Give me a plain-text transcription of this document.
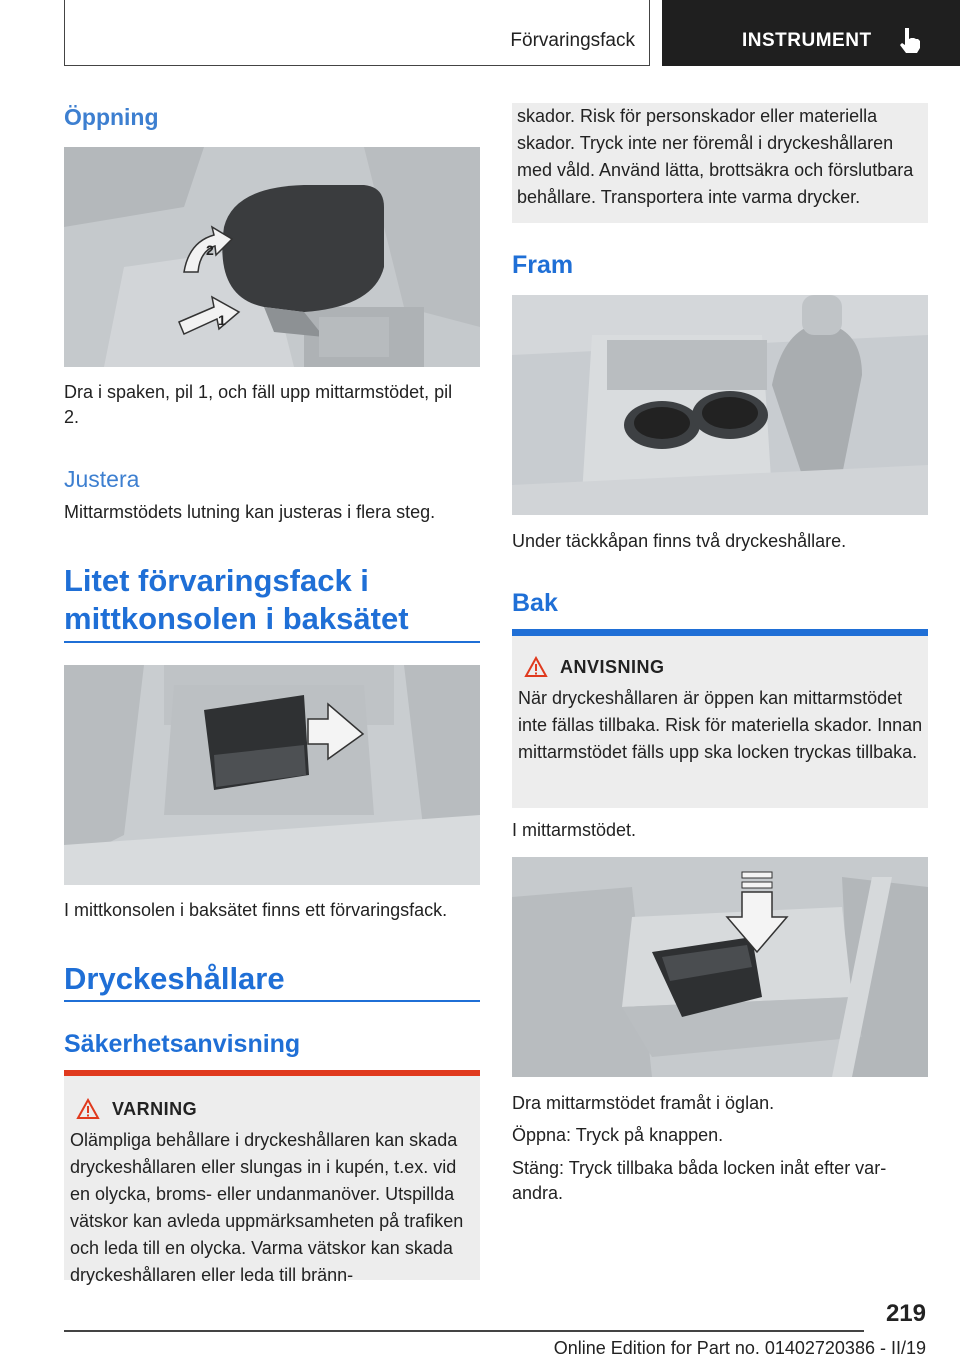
Förvaringsfack	INSTRUMENT
Öppning
1
2
Dra i spaken, pil 1, och fäll upp mittarmstödet, pil 2.
Justera
Mittarmstödets lutning kan justeras i flera steg.
Litet förvaringsfack i mittkonsolen i baksätet
I mittkonsolen i baksätet finns ett förvaringsfack.
Dryckeshållare
Säkerhetsanvisning
VARNING
Olämpliga behållare i dryckeshållaren kan skada dryckeshållaren eller slungas in i kupén, t.ex. vid en olycka, broms- eller undanmanöver. Utspillda vätskor kan avleda uppmärksamheten på trafiken och leda till en olycka. Varma vätskor kan skada dryckeshållaren eller leda till bränn-
skador. Risk för personskador eller materiella skador. Tryck inte ner föremål i dryckeshållaren med våld. Använd lätta, brottsäkra och förslutbara behållare. Transportera inte varma drycker.
Fram
Under täckkåpan finns två dryckeshållare.
Bak
ANVISNING
När dryckeshållaren är öppen kan mittarmstödet inte fällas tillbaka. Risk för materiella skador. Innan mittarmstödet fälls upp ska locken tryckas tillbaka.
I mittarmstödet.
Dra mittarmstödet framåt i öglan.
Öppna: Tryck på knappen.
Stäng: Tryck tillbaka båda locken inåt efter varandra.
219
Online Edition for Part no. 01402720386 - II/19
